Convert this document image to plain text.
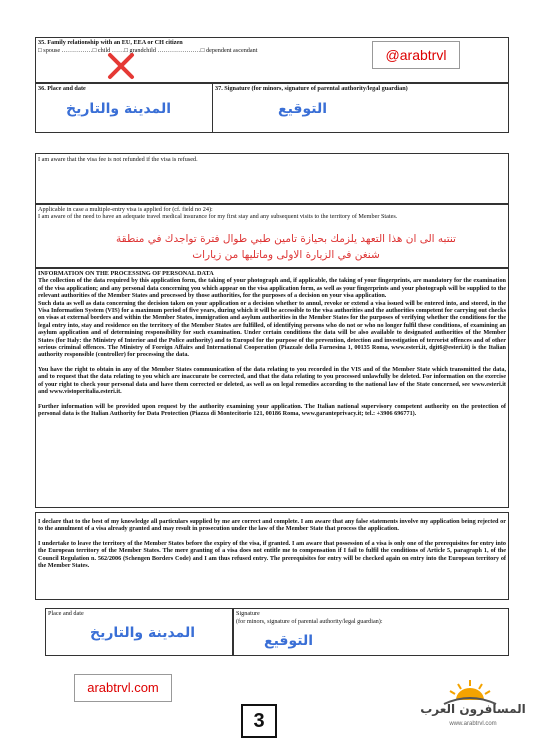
35. Family relationship with an EU, EEA or CH citizen
□ spouse ……………□ child ……□ grandchild …………………□ dependent ascendant	@arabtrvl
36. Place and date
المدينة والتاريخ
37. Signature (for minors, signature of parental authority/legal guardian)
التوقيع
I am aware that the visa fee is not refunded if the visa is refused.
Applicable in case a multiple-entry visa is applied for (cf. field no 24):
I am aware of the need to have an adequate travel medical insurance for my first stay and any subsequent visits to the territory of Member States.
تنتبه الى ان هذا التعهد يلزمك بحيازة تامين طبي طوال فترة تواجدك في منطقة
شنغن في الزيارة الاولى وماتليها من زيارات
INFORMATION ON THE PROCESSING OF PERSONAL DATA

The collection of the data required by this application form, the taking of your photograph and, if applicable, the taking of your fingerprints, are mandatory for the examination of the visa application; and any personal data concerning you which appear on the visa application form, as well as your fingerprints and your photograph will be supplied to the relevant authorities of the Member States and processed by those authorities, for the purposes of a decision on your visa application.

Such data as well as data concerning the decision taken on your application or a decision whether to annul, revoke or extend a visa issued will be entered into, and stored, in the Visa Information System (VIS) for a maximum period of five years, during which it will be accessible to the visa authorities and the authorities competent for carrying out checks on visas at external borders and within the Member States, immigration and asylum authorities in the Member States for the purposes of verifying whether the conditions for the legal entry into, stay and residence on the territory of the Member States are fulfilled, of identifying persons who do not or who no longer fulfil these conditions, of examining an asylum application and of determining responsibility for such examination. Under certain conditions the data will be also available to designated authorities of the Member States (for Italy: the Ministry of Interior and the Police authority) and to Europol for the purpose of the prevention, detection and investigation of terrorist offences and of other serious criminal offences. The Ministry of Foreign Affairs and International Cooperation (Piazzale della Farnesina 1, 00135 Roma, www.esteri.it, dgit6@esteri.it) is the Italian authority responsible (controller) for processing the data.

You have the right to obtain in any of the Member States communication of the data relating to you recorded in the VIS and of the Member State which transmitted the data, and to request that the data relating to you which are inaccurate be corrected, and that the data relating to you processed unlawfully be deleted. For information on the exercise of your right to check your personal data and have them corrected or deleted, as well as on legal remedies according to the national law of the State concerned, see www.esteri.it and www.vistoperitalia.esteri.it.

Further information will be provided upon request by the authority examining your application. The Italian national supervisory competent authority on the protection of personal data is the Italian Authority for Data Protection (Piazza di Montecitorio 121, 00186 Roma, www.garanteprivacy.it; tel.: +3906 696771).

I declare that to the best of my knowledge all particulars supplied by me are correct and complete. I am aware that any false statements involve my application being rejected or to the annulment of a visa already granted and may result in prosecution under the law of the Member State that process the application.

I undertake to leave the territory of the Member States before the expiry of the visa, if granted. I am aware that possession of a visa is only one of the prerequisites for entry into the European territory of the Member States. The mere granting of a visa does not entitle me to compensation if I fail to fulfil the conditions of Article 5, paragraph 1, of the Council Regulation n. 562/2006 (Schengen Borders Code) and I am thus refused entry. The prerequisites for entry will be checked again on entry into the European territory of the Member States.

Place and date
المدينة والتاريخ
Signature
(for minors, signature of parental authority/legal guardian):
التوقيع
arabtrvl.com
3
المسافرون العرب
www.arabtrvl.com
